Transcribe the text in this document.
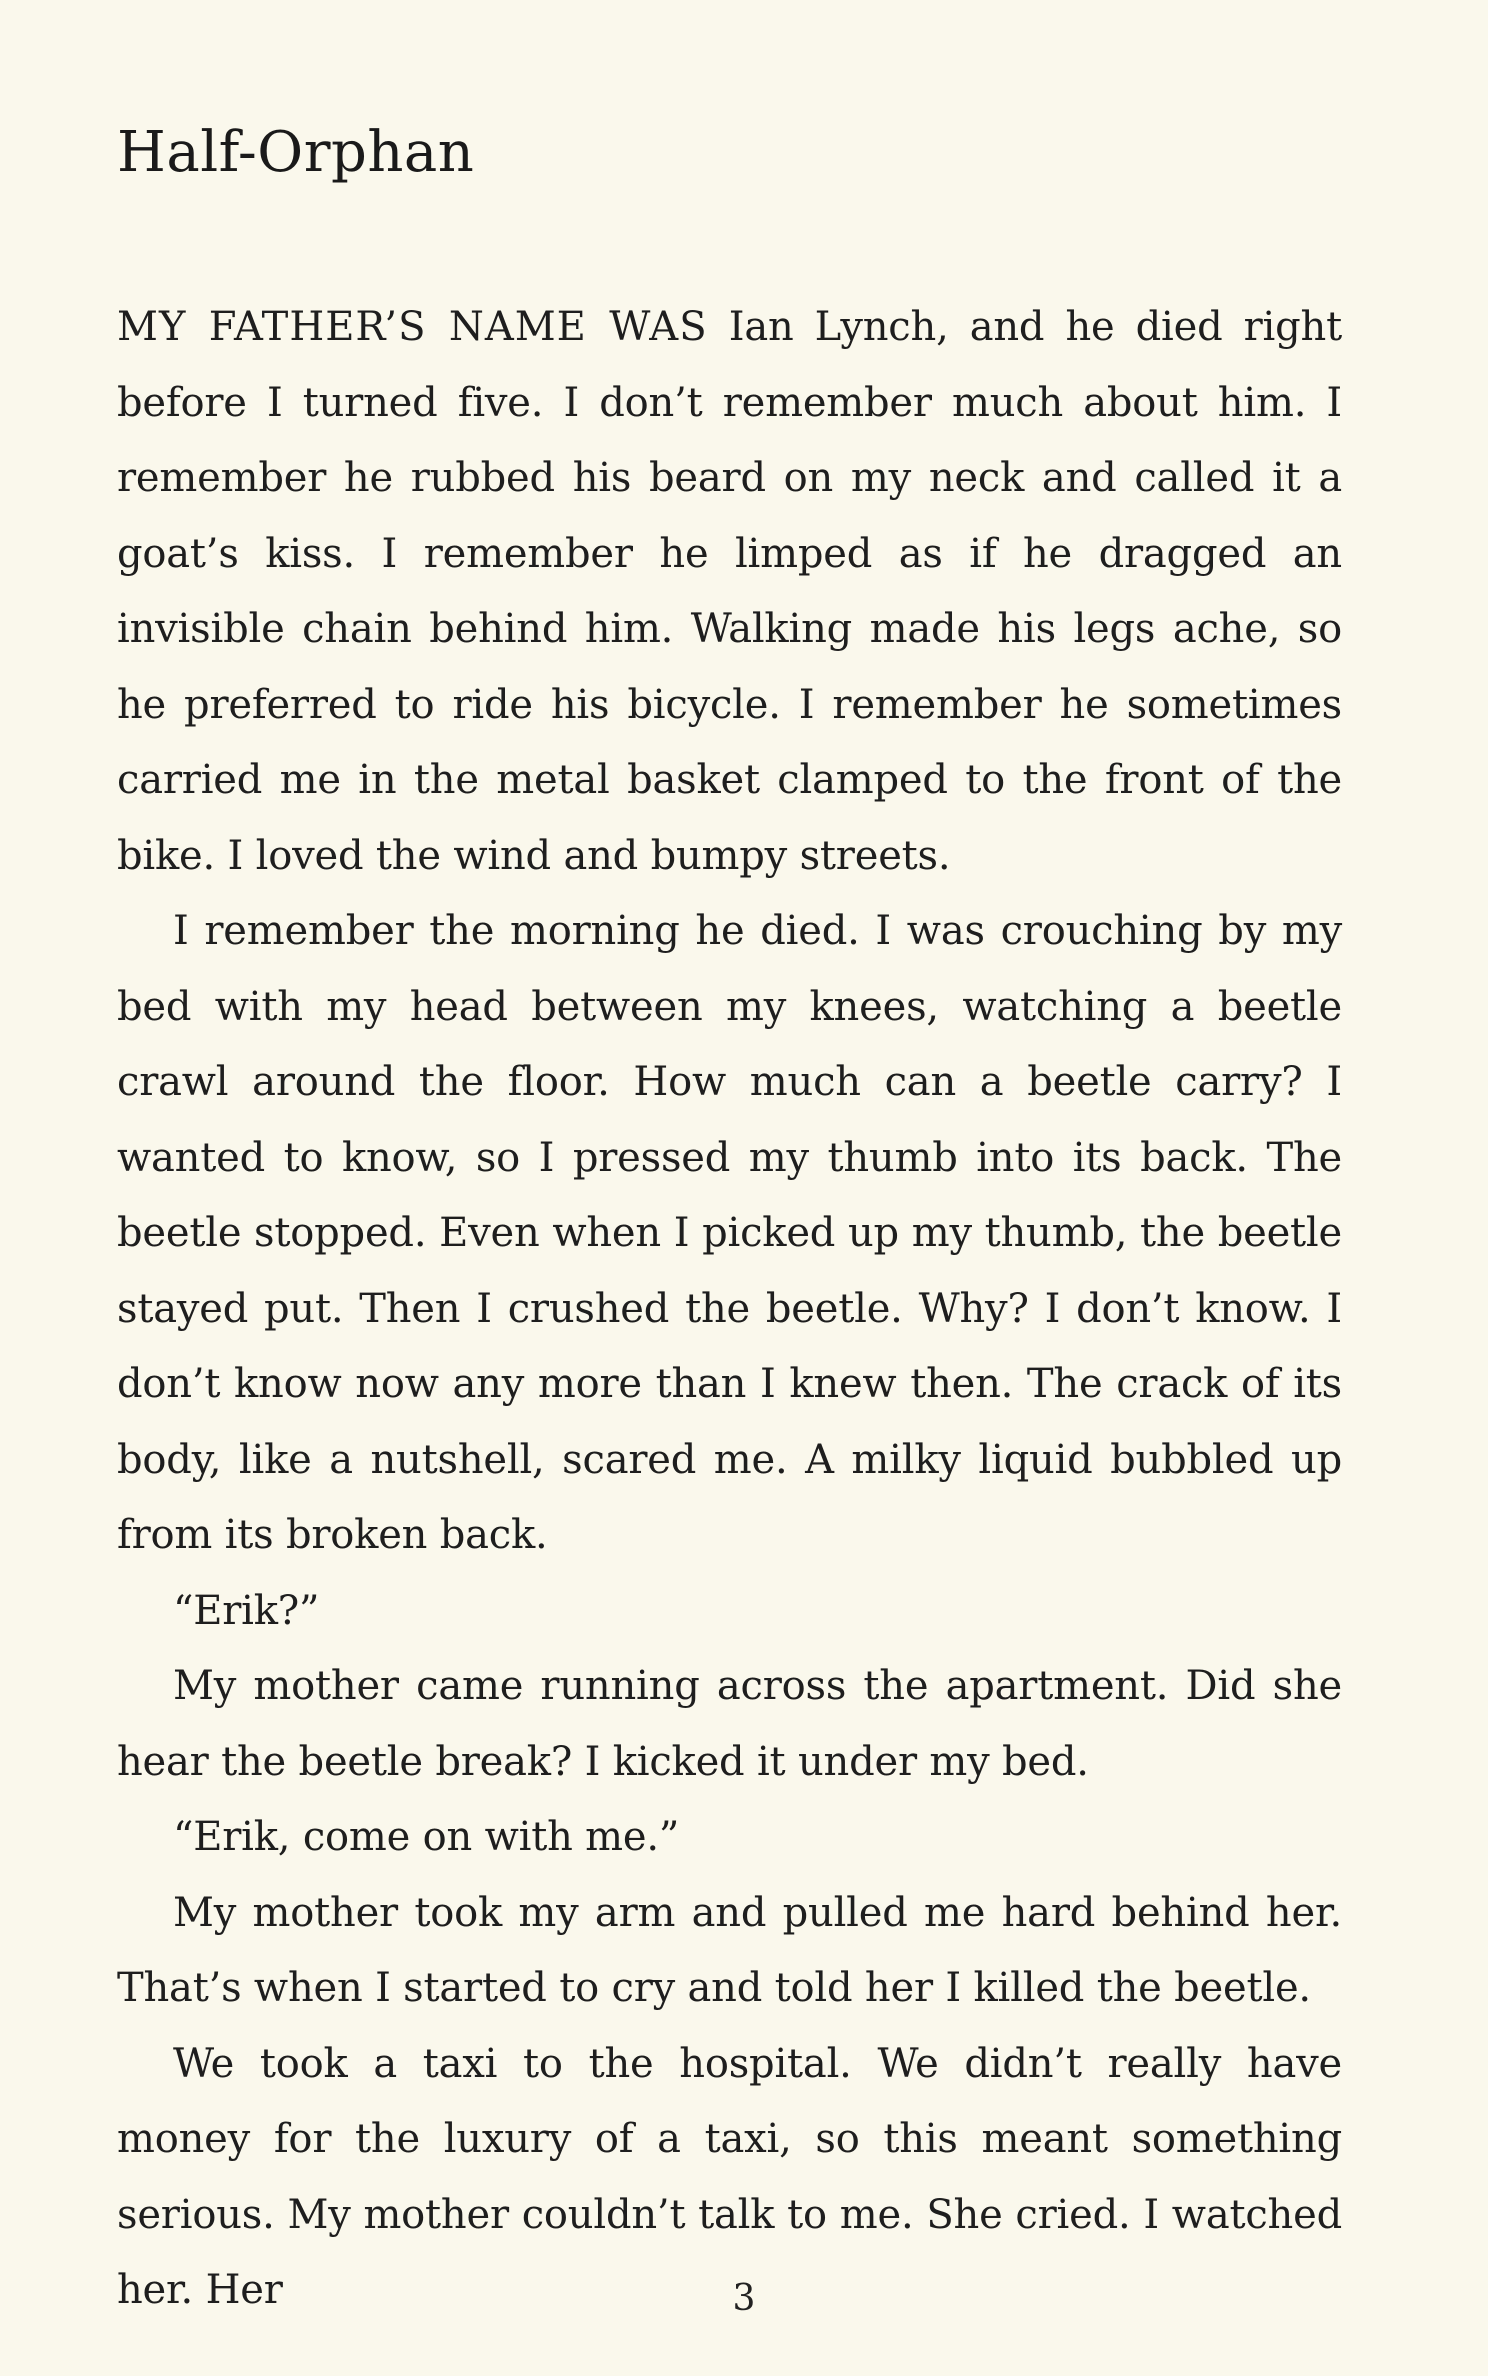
Half-Orphan

MY FATHER’S NAME WAS Ian Lynch, and he died right before I turned five. I don’t remember much about him. I remember he rubbed his beard on my neck and called it a goat’s kiss. I remember he limped as if he dragged an invisible chain behind him. Walking made his legs ache, so he preferred to ride his bicycle. I remember he sometimes carried me in the metal basket clamped to the front of the bike. I loved the wind and bumpy streets.

I remember the morning he died. I was crouching by my bed with my head between my knees, watching a beetle crawl around the floor. How much can a beetle carry? I wanted to know, so I pressed my thumb into its back. The beetle stopped. Even when I picked up my thumb, the beetle stayed put. Then I crushed the beetle. Why? I don’t know. I don’t know now any more than I knew then. The crack of its body, like a nutshell, scared me. A milky liquid bubbled up from its broken back.

“Erik?”

My mother came running across the apartment. Did she hear the beetle break? I kicked it under my bed.

“Erik, come on with me.”

My mother took my arm and pulled me hard behind her. That’s when I started to cry and told her I killed the beetle.

We took a taxi to the hospital. We didn’t really have money for the luxury of a taxi, so this meant something serious. My mother couldn’t talk to me. She cried. I watched her. Her	3
